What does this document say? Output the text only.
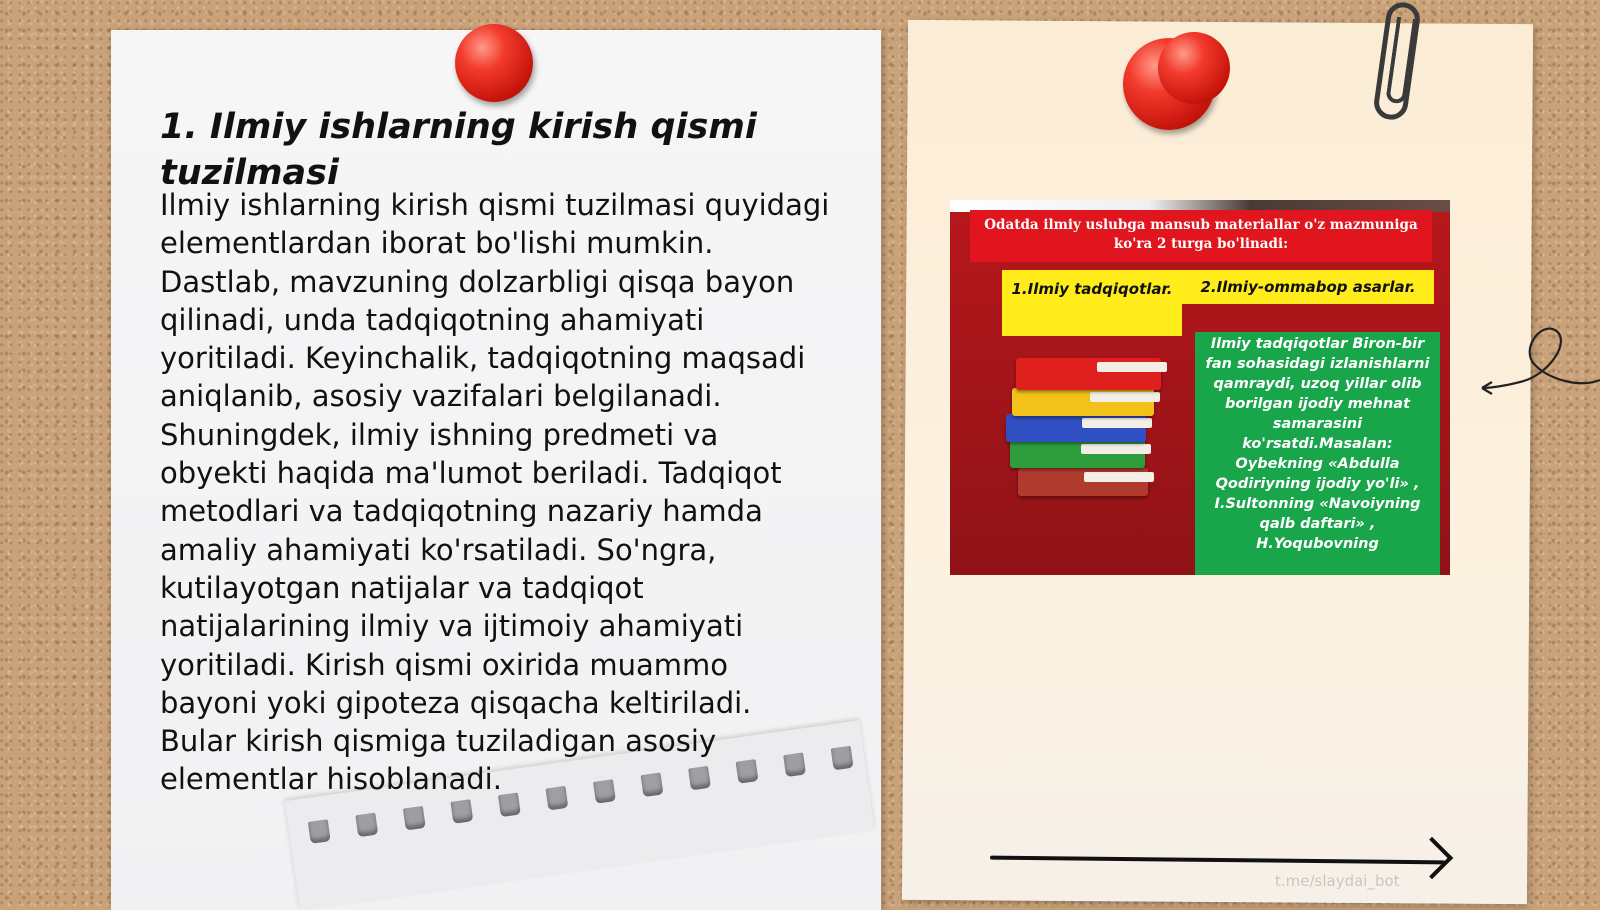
1. Ilmiy ishlarning kirish qismi tuzilmasi

Ilmiy ishlarning kirish qismi tuzilmasi quyidagi elementlardan iborat bo'lishi mumkin. Dastlab, mavzuning dolzarbligi qisqa bayon qilinadi, unda tadqiqotning ahamiyati yoritiladi. Keyinchalik, tadqiqotning maqsadi aniqlanib, asosiy vazifalari belgilanadi. Shuningdek, ilmiy ishning predmeti va obyekti haqida ma'lumot beriladi. Tadqiqot metodlari va tadqiqotning nazariy hamda amaliy ahamiyati ko'rsatiladi. So'ngra, kutilayotgan natijalar va tadqiqot natijalarining ilmiy va ijtimoiy ahamiyati yoritiladi. Kirish qismi oxirida muammo bayoni yoki gipoteza qisqacha keltiriladi. Bular kirish qismiga tuziladigan asosiy elementlar hisoblanadi.

Odatda ilmiy uslubga mansub materiallar o'z mazmuniga ko'ra 2 turga bo'linadi:
1.Ilmiy tadqiqotlar.	2.Ilmiy-ommabop asarlar.
Ilmiy tadqiqotlar Biron-bir fan sohasidagi izlanishlarni qamraydi, uzoq yillar olib borilgan ijodiy mehnat samarasini ko'rsatdi.Masalan: Oybekning «Abdulla Qodiriyning ijodiy yo'li» , I.Sultonning «Navoiyning qalb daftari» , H.Yoqubovning
t.me/slaydai_bot
